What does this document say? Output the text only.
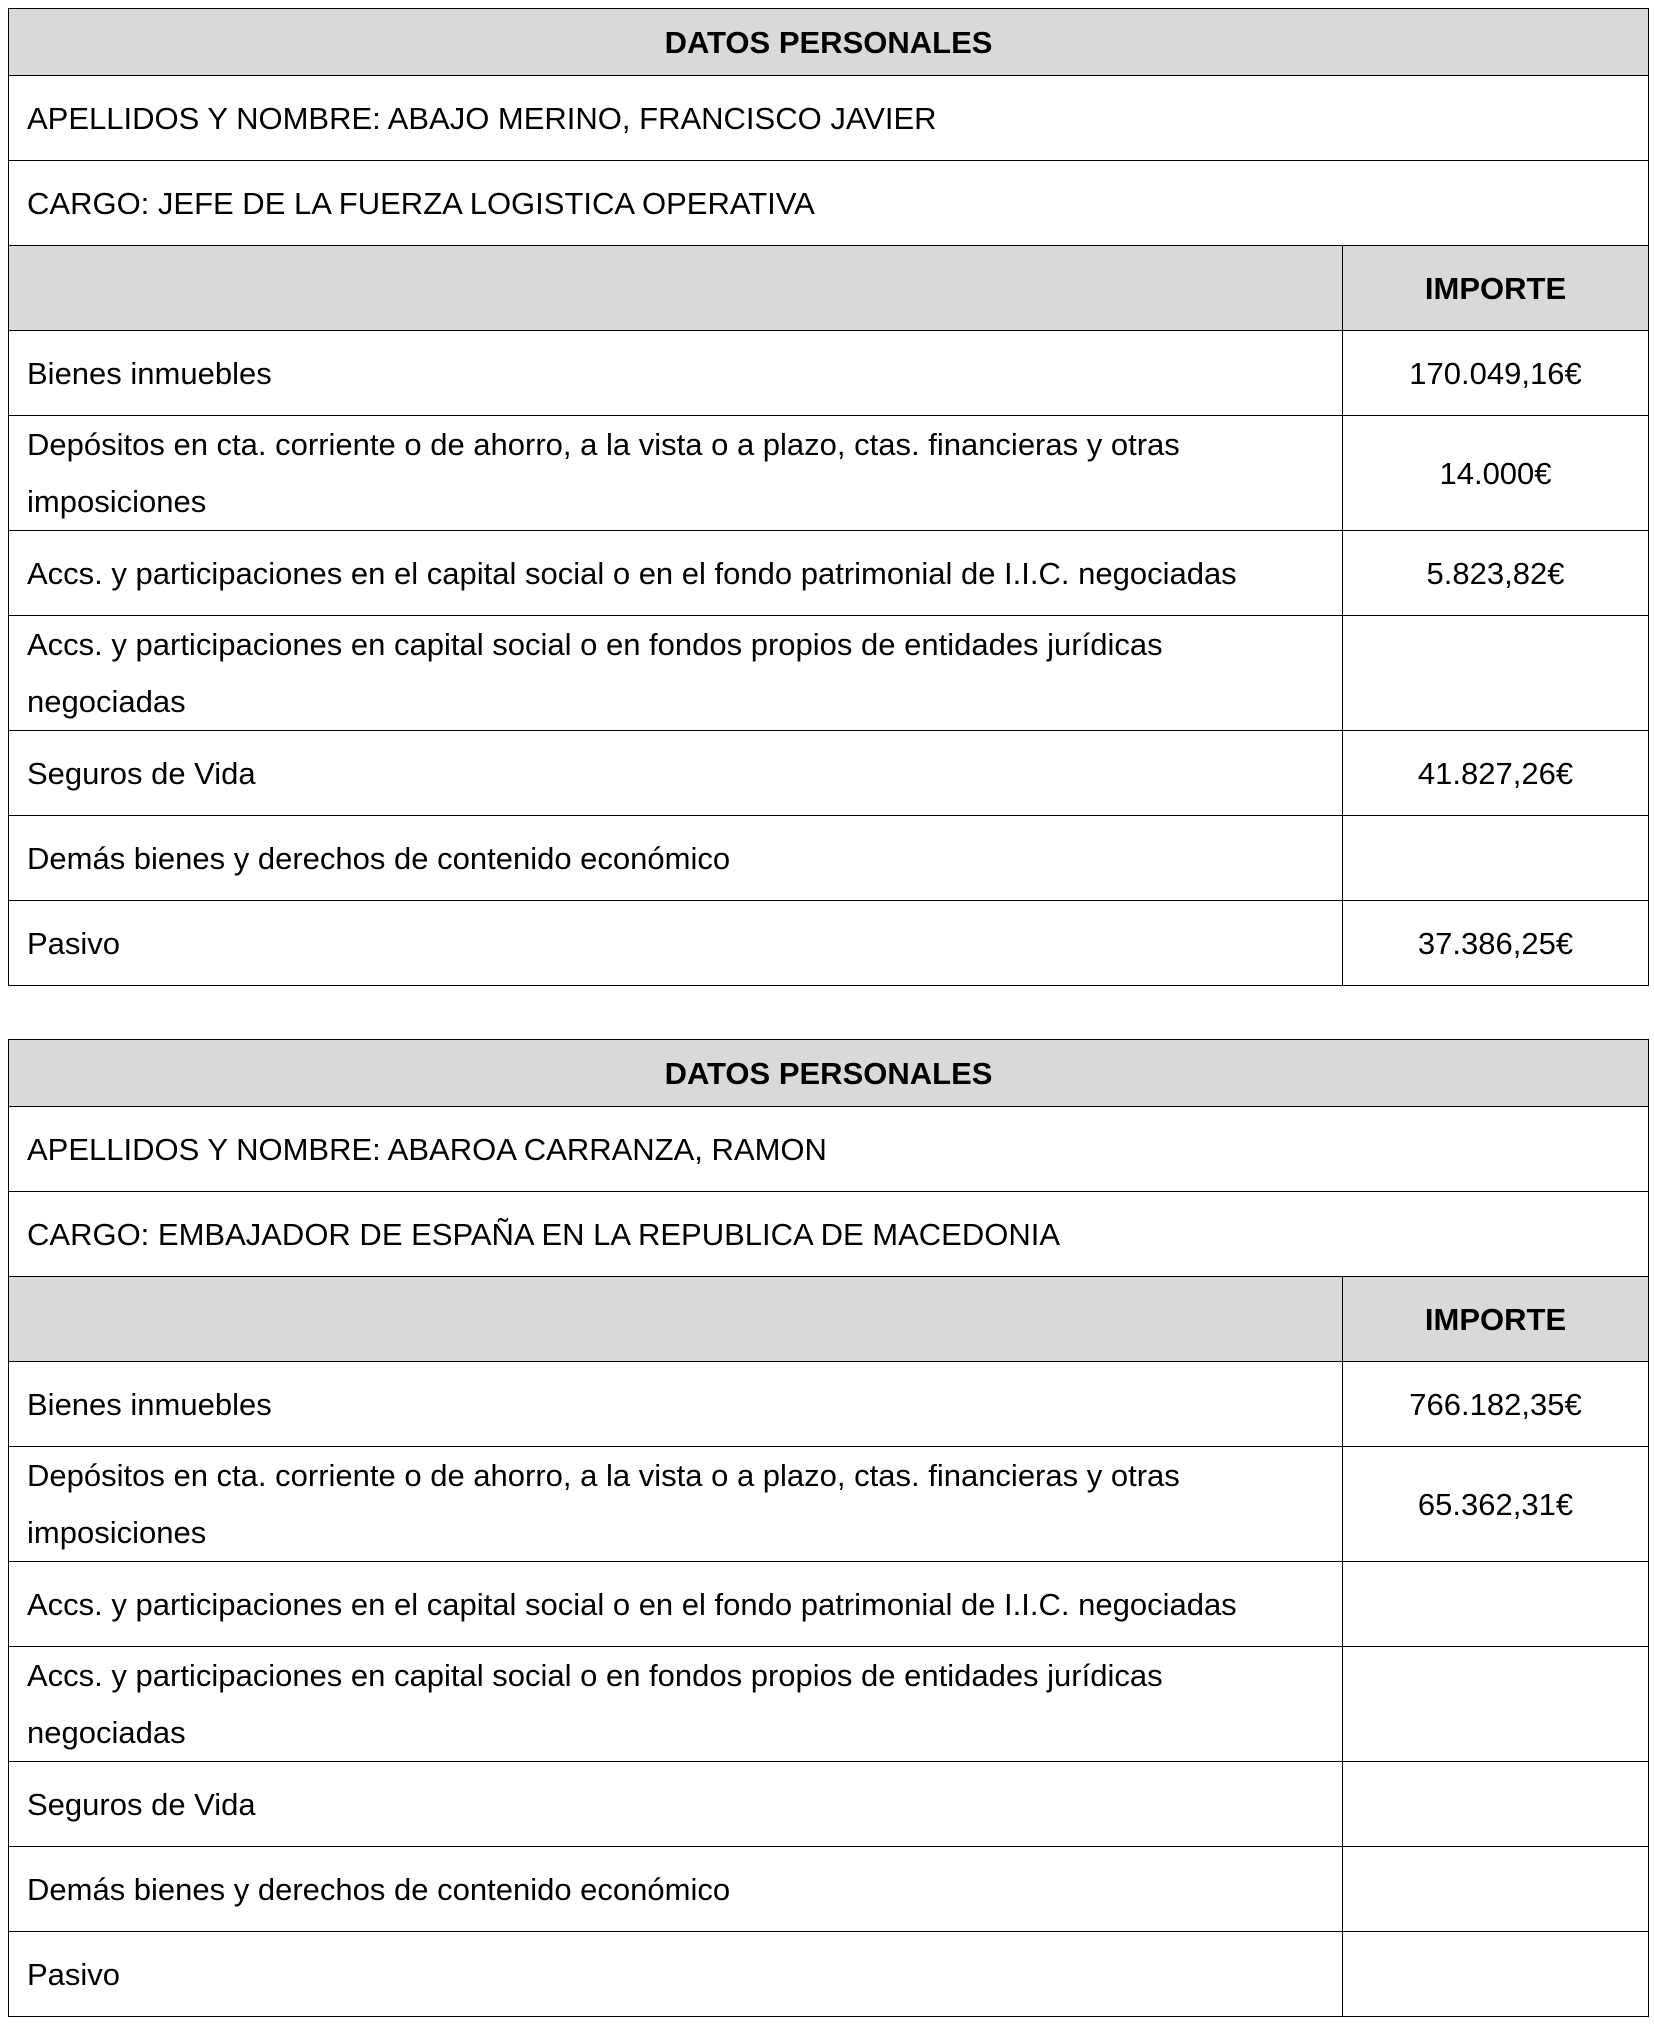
DATOS PERSONALES	
APELLIDOS Y NOMBRE: ABAJO MERINO, FRANCISCO JAVIER	
CARGO: JEFE DE LA FUERZA LOGISTICA OPERATIVA	
	IMPORTE
Bienes inmuebles	170.049,16€
Depósitos en cta. corriente o de ahorro, a la vista o a plazo, ctas. financieras y otras imposiciones	14.000€
Accs. y participaciones en el capital social o en el fondo patrimonial de I.I.C. negociadas	5.823,82€
Accs. y participaciones en capital social o en fondos propios de entidades jurídicas negociadas	
Seguros de Vida	41.827,26€
Demás bienes y derechos de contenido económico	
Pasivo	37.386,25€
DATOS PERSONALES	
APELLIDOS Y NOMBRE: ABAROA CARRANZA, RAMON	
CARGO: EMBAJADOR DE ESPAÑA EN LA REPUBLICA DE MACEDONIA	
	IMPORTE
Bienes inmuebles	766.182,35€
Depósitos en cta. corriente o de ahorro, a la vista o a plazo, ctas. financieras y otras imposiciones	65.362,31€
Accs. y participaciones en el capital social o en el fondo patrimonial de I.I.C. negociadas	
Accs. y participaciones en capital social o en fondos propios de entidades jurídicas negociadas	
Seguros de Vida	
Demás bienes y derechos de contenido económico	
Pasivo	
